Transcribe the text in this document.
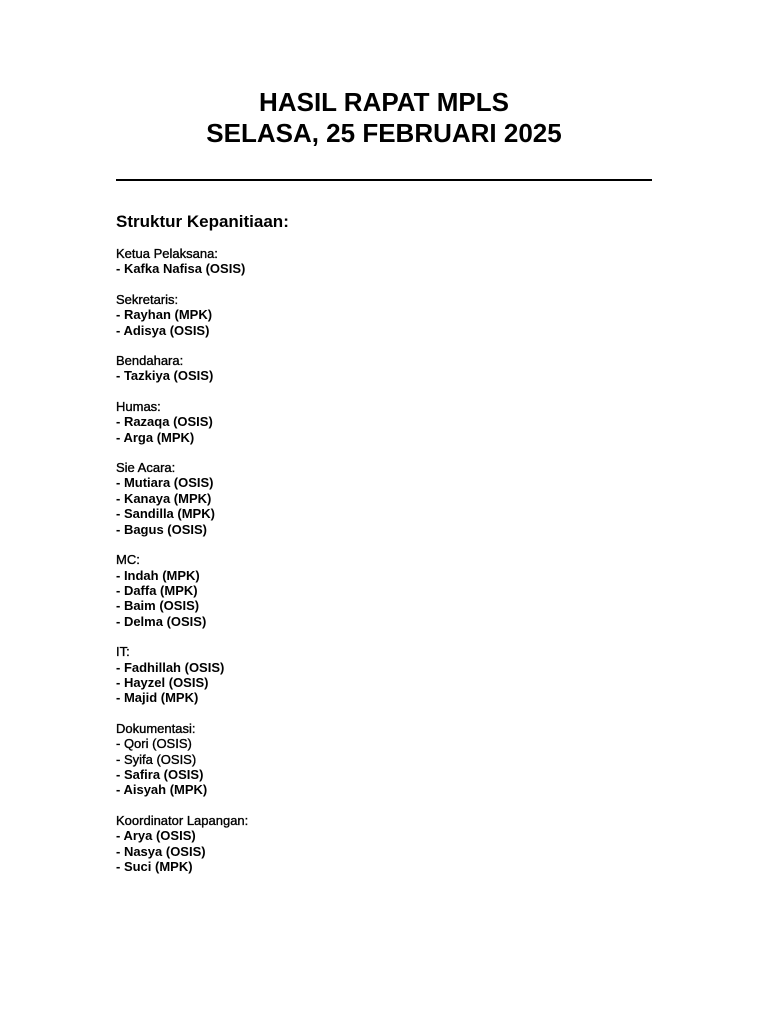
HASIL RAPAT MPLS
SELASA, 25 FEBRUARI 2025
Struktur Kepanitiaan:
Ketua Pelaksana:
- Kafka Nafisa (OSIS)
Sekretaris:
- Rayhan (MPK)
- Adisya (OSIS)
Bendahara:
- Tazkiya (OSIS)
Humas:
- Razaqa (OSIS)
- Arga (MPK)
Sie Acara:
- Mutiara (OSIS)
- Kanaya (MPK)
- Sandilla (MPK)
- Bagus (OSIS)
MC:
- Indah (MPK)
- Daffa (MPK)
- Baim (OSIS)
- Delma (OSIS)
IT:
- Fadhillah (OSIS)
- Hayzel (OSIS)
- Majid (MPK)
Dokumentasi:
- Qori (OSIS)
- Syifa (OSIS)
- Safira (OSIS)
- Aisyah (MPK)
Koordinator Lapangan:
- Arya (OSIS)
- Nasya (OSIS)
- Suci (MPK)
